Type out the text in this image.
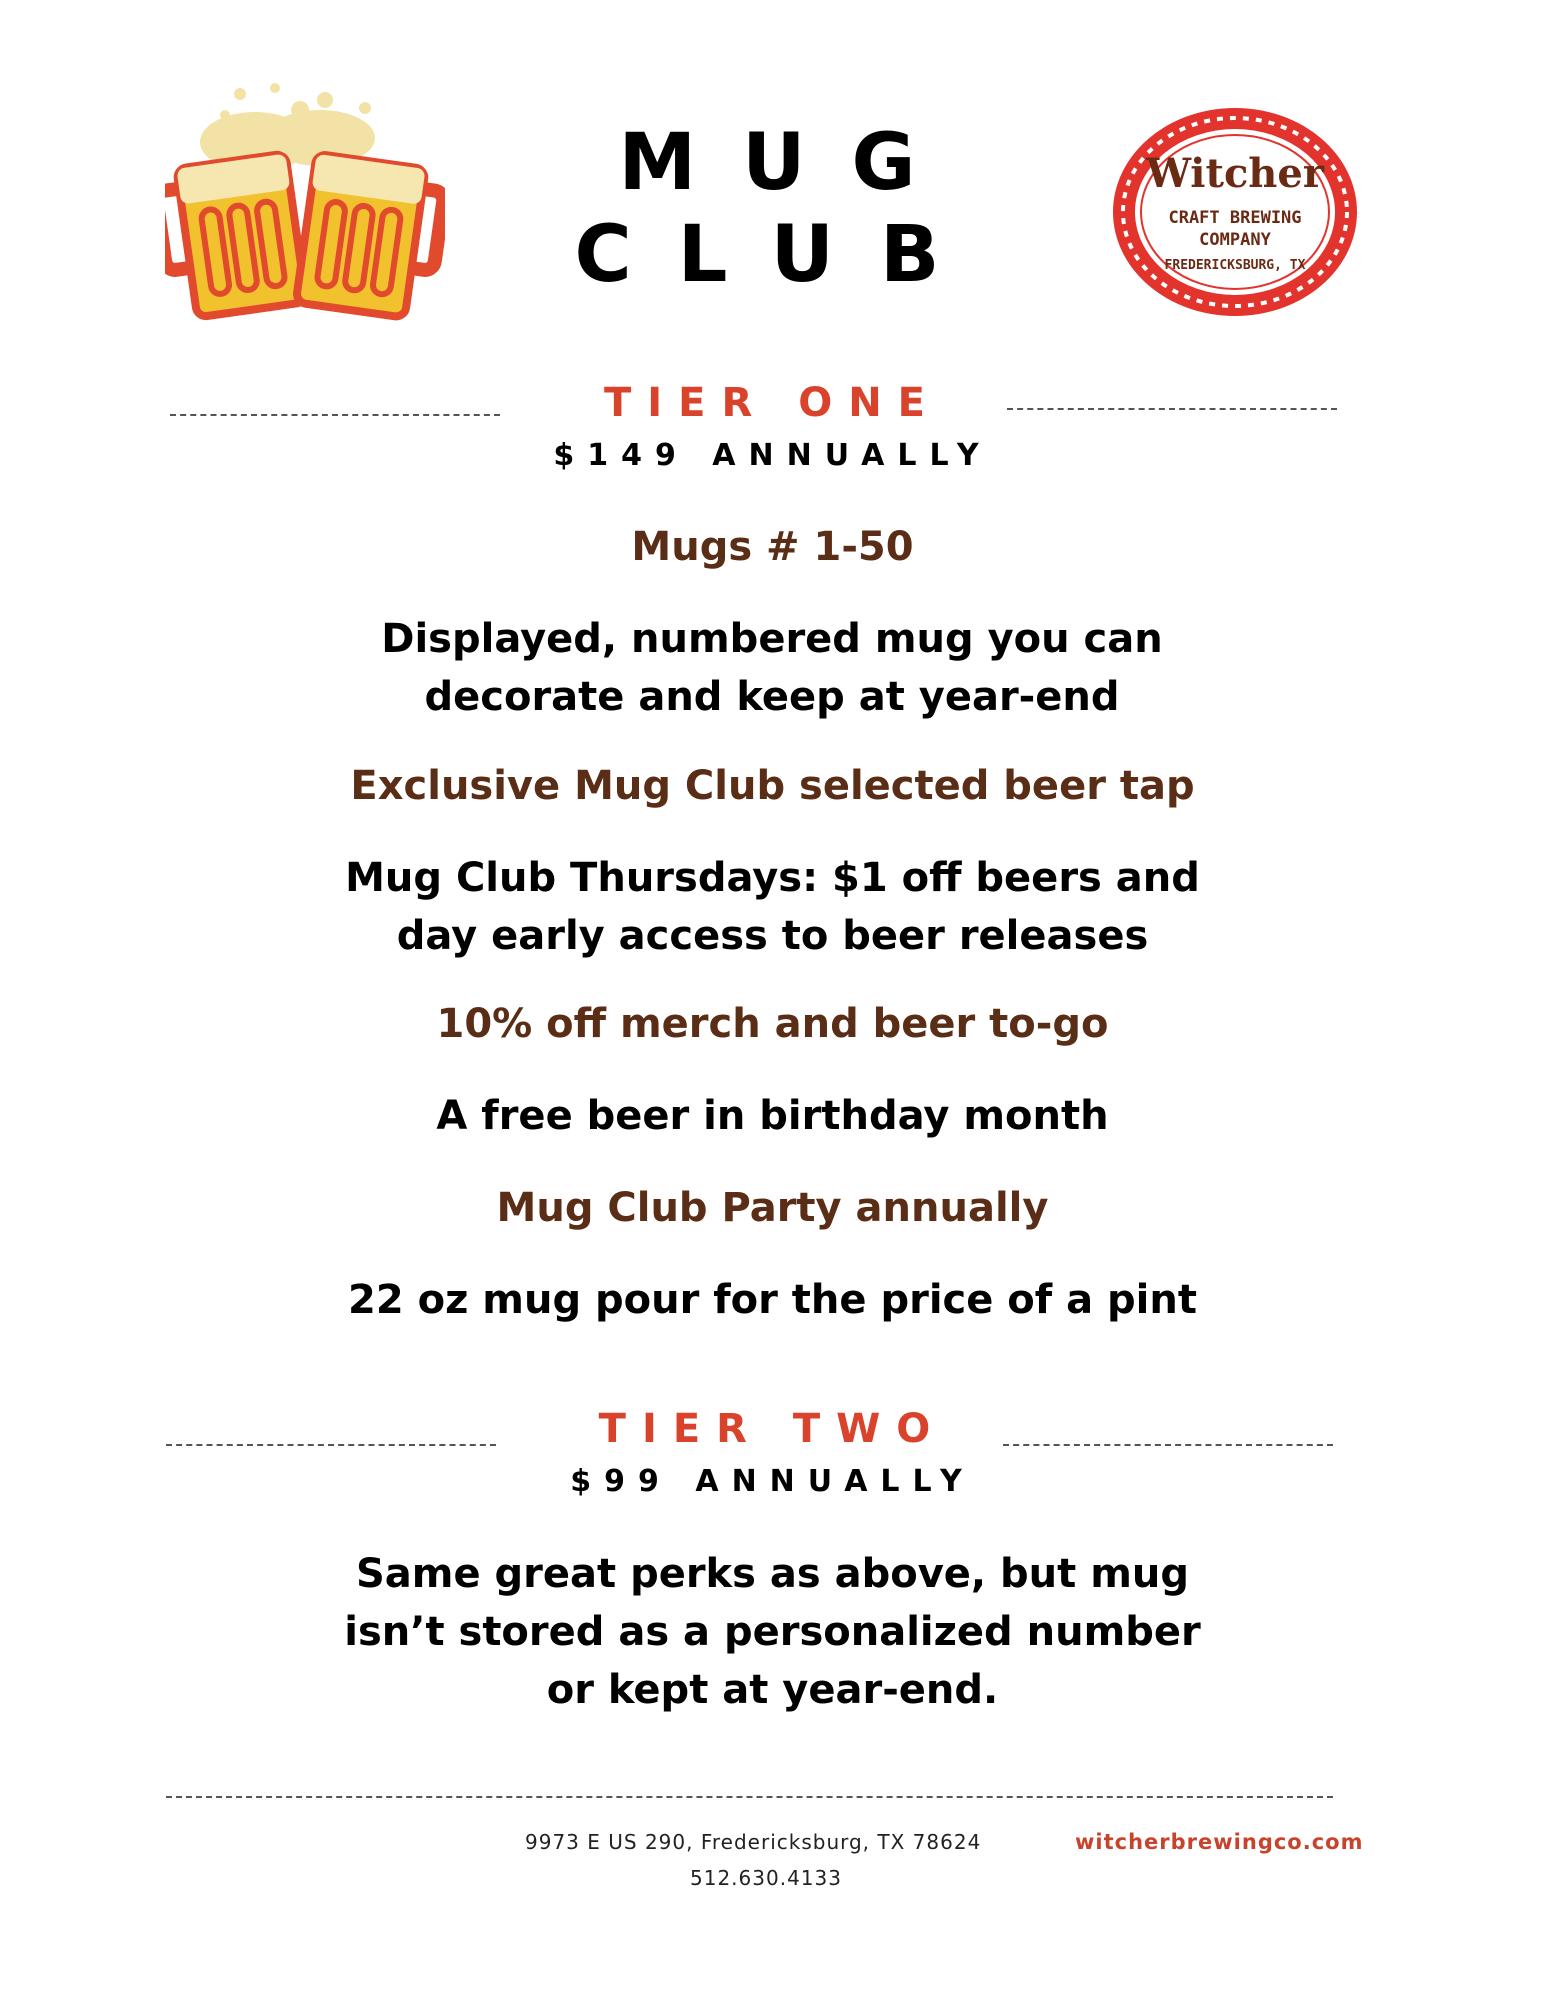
MUG
CLUB
Witcher
CRAFT BREWING
COMPANY
FREDERICKSBURG, TX
TIER ONE
$149 ANNUALLY
Mugs # 1-50
Displayed, numbered mug you can decorate and keep at year-end
Exclusive Mug Club selected beer tap
Mug Club Thursdays: $1 off beers and day early access to beer releases
10% off merch and beer to-go
A free beer in birthday month
Mug Club Party annually
22 oz mug pour for the price of a pint
TIER TWO
$99 ANNUALLY
Same great perks as above, but mug isn’t stored as a personalized number or kept at year-end.
9973 E US 290, Fredericksburg, TX 78624
512.630.4133
witcherbrewingco.com
